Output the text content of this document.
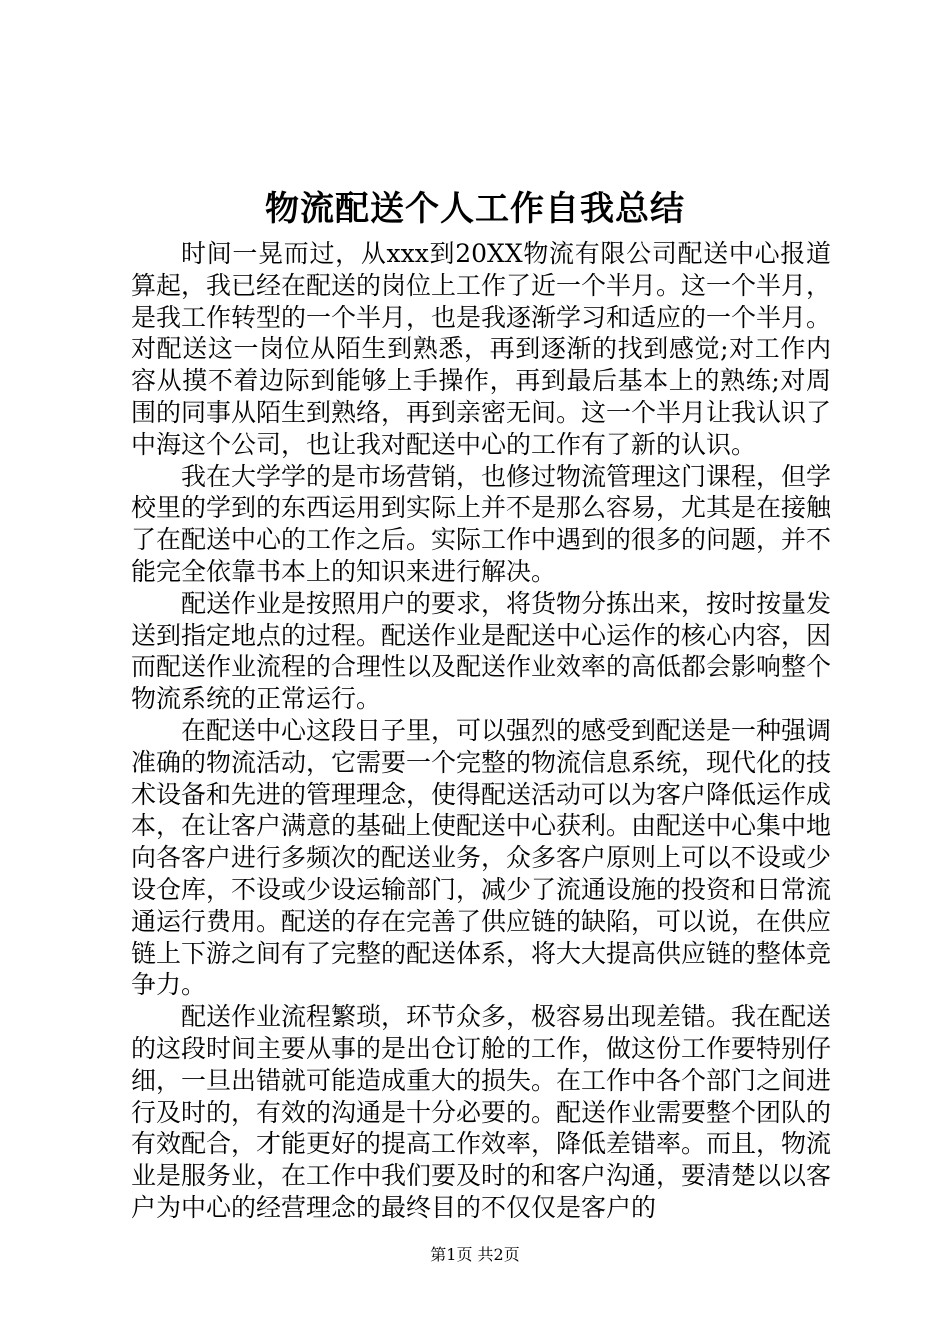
物流配送个人工作自我总结

时间一晃而过，从xxx到20XX物流有限公司配送中心报道算起，我已经在配送的岗位上工作了近一个半月。这一个半月，是我工作转型的一个半月，也是我逐渐学习和适应的一个半月。对配送这一岗位从陌生到熟悉，再到逐渐的找到感觉;对工作内容从摸不着边际到能够上手操作，再到最后基本上的熟练;对周围的同事从陌生到熟络，再到亲密无间。这一个半月让我认识了中海这个公司，也让我对配送中心的工作有了新的认识。

我在大学学的是市场营销，也修过物流管理这门课程，但学校里的学到的东西运用到实际上并不是那么容易，尤其是在接触了在配送中心的工作之后。实际工作中遇到的很多的问题，并不能完全依靠书本上的知识来进行解决。

配送作业是按照用户的要求，将货物分拣出来，按时按量发送到指定地点的过程。配送作业是配送中心运作的核心内容，因而配送作业流程的合理性以及配送作业效率的高低都会影响整个物流系统的正常运行。

在配送中心这段日子里，可以强烈的感受到配送是一种强调准确的物流活动，它需要一个完整的物流信息系统，现代化的技术设备和先进的管理理念，使得配送活动可以为客户降低运作成本，在让客户满意的基础上使配送中心获利。由配送中心集中地向各客户进行多频次的配送业务，众多客户原则上可以不设或少设仓库，不设或少设运输部门，减少了流通设施的投资和日常流通运行费用。配送的存在完善了供应链的缺陷，可以说，在供应链上下游之间有了完整的配送体系，将大大提高供应链的整体竞争力。

配送作业流程繁琐，环节众多，极容易出现差错。我在配送的这段时间主要从事的是出仓订舱的工作，做这份工作要特别仔细，一旦出错就可能造成重大的损失。在工作中各个部门之间进行及时的，有效的沟通是十分必要的。配送作业需要整个团队的有效配合，才能更好的提高工作效率，降低差错率。而且，物流业是服务业，在工作中我们要及时的和客户沟通，要清楚以以客户为中心的经营理念的最终目的不仅仅是客户的

第1页 共2页
